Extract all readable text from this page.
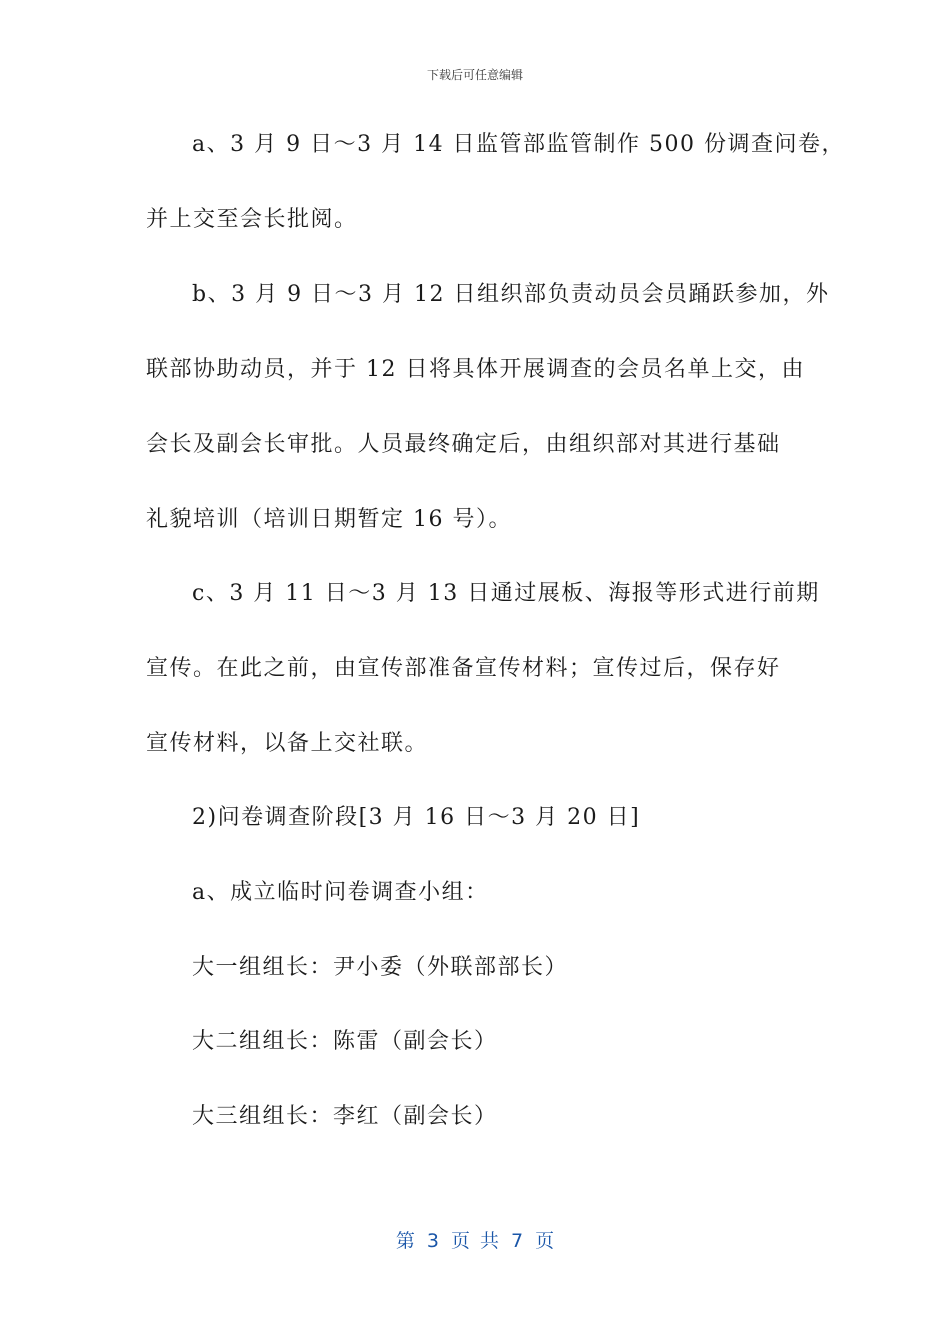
下载后可任意编辑
a、3 月 9 日～3 月 14 日监管部监管制作 500 份调查问卷，
并上交至会长批阅。
b、3 月 9 日～3 月 12 日组织部负责动员会员踊跃参加，外
联部协助动员，并于 12 日将具体开展调查的会员名单上交，由
会长及副会长审批。人员最终确定后，由组织部对其进行基础
礼貌培训（培训日期暂定 16 号）。
c、3 月 11 日～3 月 13 日通过展板、海报等形式进行前期
宣传。在此之前，由宣传部准备宣传材料；宣传过后，保存好
宣传材料，以备上交社联。
2)问卷调查阶段[3 月 16 日～3 月 20 日]
a、成立临时问卷调查小组：
大一组组长：尹小委（外联部部长）
大二组组长：陈雷（副会长）
大三组组长：李红（副会长）
第 3 页 共 7 页
